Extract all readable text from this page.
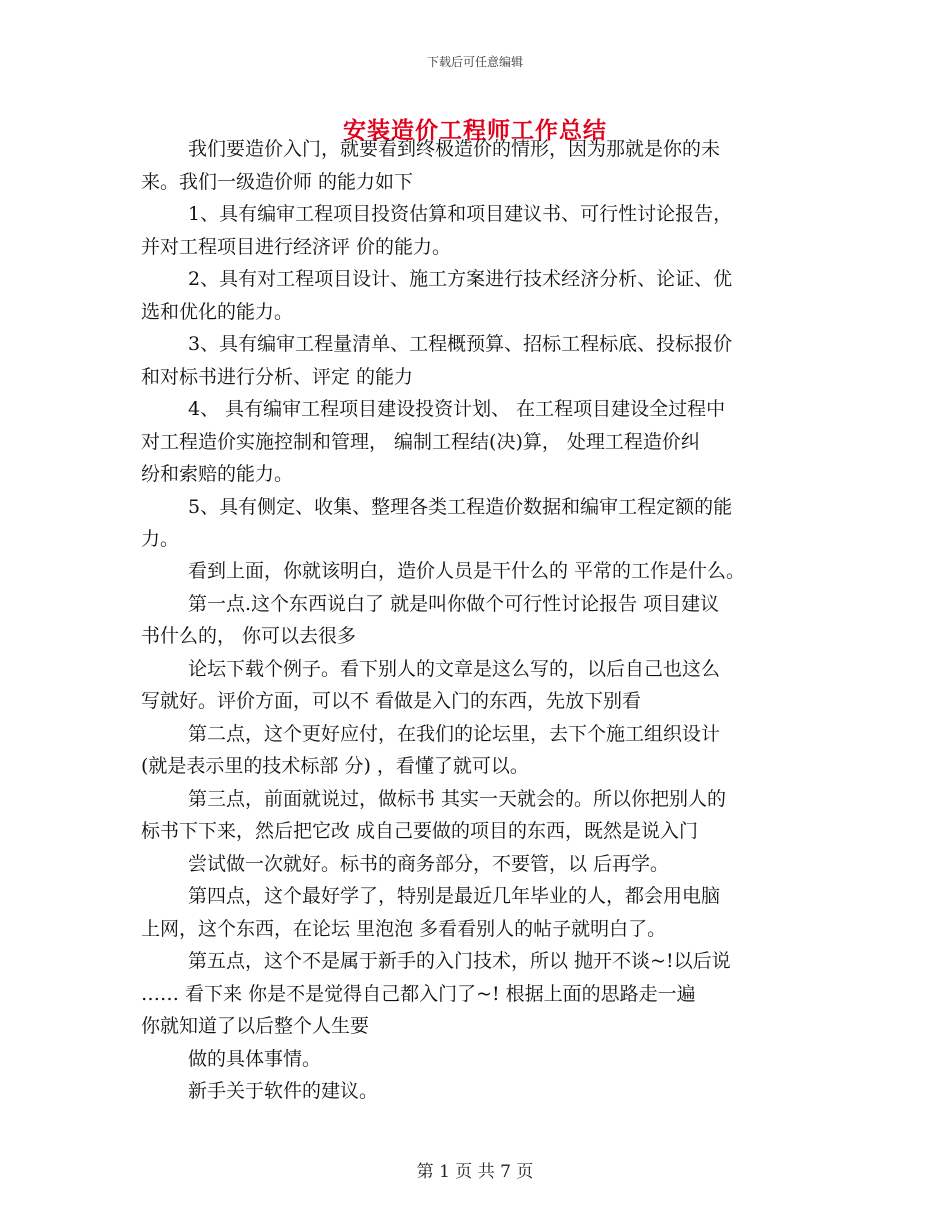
下载后可任意编辑
安装造价工程师工作总结
我们要造价入门，就要看到终极造价的情形，因为那就是你的未
来。我们一级造价师 的能力如下
1、具有编审工程项目投资估算和项目建议书、可行性讨论报告，
并对工程项目进行经济评 价的能力。
2、具有对工程项目设计、施工方案进行技术经济分析、论证、优
选和优化的能力。
3、具有编审工程量清单、工程概预算、招标工程标底、投标报价
和对标书进行分析、评定 的能力
4、 具有编审工程项目建设投资计划、 在工程项目建设全过程中
对工程造价实施控制和管理， 编制工程结(决)算， 处理工程造价纠
纷和索赔的能力。
5、具有侧定、收集、整理各类工程造价数据和编审工程定额的能
力。
看到上面，你就该明白，造价人员是干什么的 平常的工作是什么。
第一点.这个东西说白了 就是叫你做个可行性讨论报告 项目建议
书什么的， 你可以去很多
论坛下载个例子。看下别人的文章是这么写的，以后自己也这么
写就好。评价方面，可以不 看做是入门的东西，先放下别看
第二点，这个更好应付，在我们的论坛里，去下个施工组织设计
(就是表示里的技术标部 分) ，看懂了就可以。
第三点，前面就说过，做标书 其实一天就会的。所以你把别人的
标书下下来，然后把它改 成自己要做的项目的东西，既然是说入门
尝试做一次就好。标书的商务部分，不要管，以 后再学。
第四点，这个最好学了，特别是最近几年毕业的人，都会用电脑
上网，这个东西，在论坛 里泡泡 多看看别人的帖子就明白了。
第五点，这个不是属于新手的入门技术，所以 抛开不谈~!以后说
…… 看下来 你是不是觉得自己都入门了~! 根据上面的思路走一遍
你就知道了以后整个人生要
做的具体事情。
新手关于软件的建议。
第 1 页 共 7 页
